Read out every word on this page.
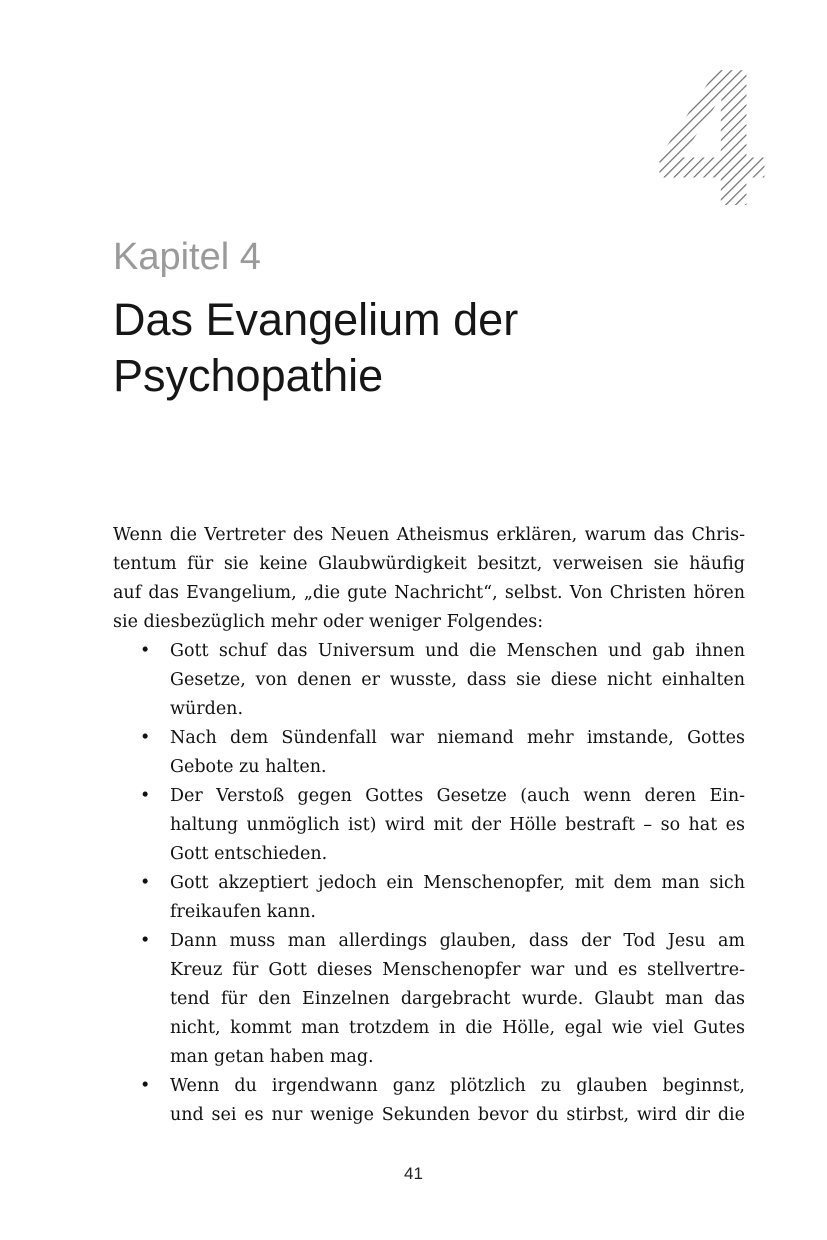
4
Kapitel 4
Das Evangelium der
Psychopathie

Wenn die Vertreter des Neuen Atheismus erklären, warum das Chris-
tentum für sie keine Glaubwürdigkeit besitzt, verweisen sie häufig
auf das Evangelium, „die gute Nachricht“, selbst. Von Christen hören
sie diesbezüglich mehr oder weniger Folgendes:

• Gott schuf das Universum und die Menschen und gab ihnen
Gesetze, von denen er wusste, dass sie diese nicht einhalten
würden.
• Nach dem Sündenfall war niemand mehr imstande, Gottes
Gebote zu halten.
• Der Verstoß gegen Gottes Gesetze (auch wenn deren Ein-
haltung unmöglich ist) wird mit der Hölle bestraft – so hat es
Gott entschieden.
• Gott akzeptiert jedoch ein Menschenopfer, mit dem man sich
freikaufen kann.
• Dann muss man allerdings glauben, dass der Tod Jesu am
Kreuz für Gott dieses Menschenopfer war und es stellvertre-
tend für den Einzelnen dargebracht wurde. Glaubt man das
nicht, kommt man trotzdem in die Hölle, egal wie viel Gutes
man getan haben mag.
• Wenn du irgendwann ganz plötzlich zu glauben beginnst,
und sei es nur wenige Sekunden bevor du stirbst, wird dir die
41
